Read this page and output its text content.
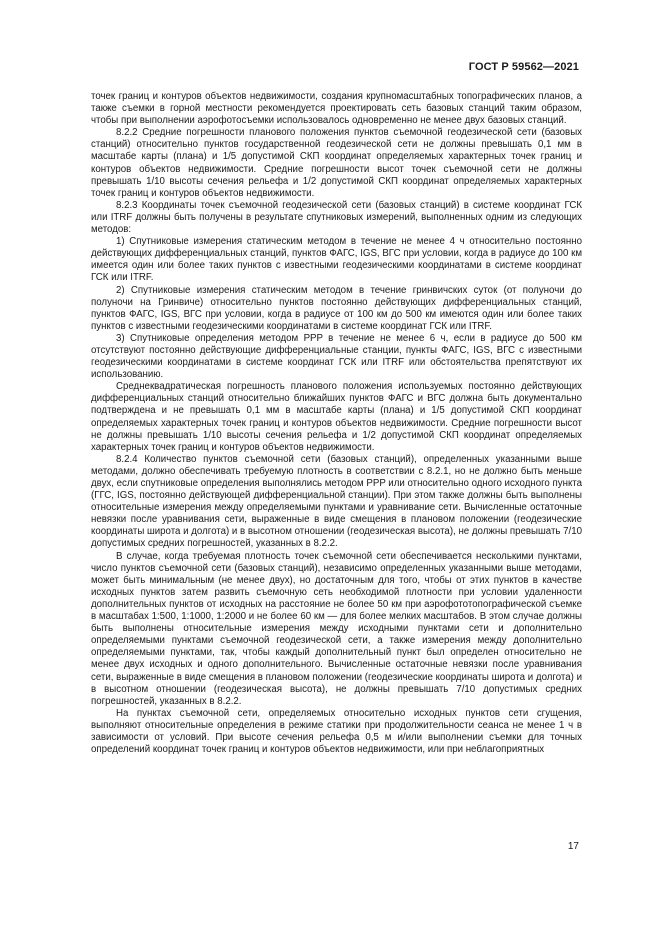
ГОСТ Р 59562—2021

точек границ и контуров объектов недвижимости, создания крупномасштабных топографических планов, а также съемки в горной местности рекомендуется проектировать сеть базовых станций таким образом, чтобы при выполнении аэрофотосъемки использовалось одновременно не менее двух базовых станций.

8.2.2 Средние погрешности планового положения пунктов съемочной геодезической сети (базовых станций) относительно пунктов государственной геодезической сети не должны превышать 0,1 мм в масштабе карты (плана) и 1/5 допустимой СКП координат определяемых характерных точек границ и контуров объектов недвижимости. Средние погрешности высот точек съемочной сети не должны превышать 1/10 высоты сечения рельефа и 1/2 допустимой СКП координат определяемых характерных точек границ и контуров объектов недвижимости.

8.2.3 Координаты точек съемочной геодезической сети (базовых станций) в системе координат ГСК или ITRF должны быть получены в результате спутниковых измерений, выполненных одним из следующих методов:

1) Спутниковые измерения статическим методом в течение не менее 4 ч относительно постоянно действующих дифференциальных станций, пунктов ФАГС, IGS, ВГС при условии, когда в радиусе до 100 км имеется один или более таких пунктов с известными геодезическими координатами в системе координат ГСК или ITRF.

2) Спутниковые измерения статическим методом в течение гринвичских суток (от полуночи до полуночи на Гринвиче) относительно пунктов постоянно действующих дифференциальных станций, пунктов ФАГС, IGS, ВГС при условии, когда в радиусе от 100 км до 500 км имеются один или более таких пунктов с известными геодезическими координатами в системе координат ГСК или ITRF.

3) Спутниковые определения методом PPP в течение не менее 6 ч, если в радиусе до 500 км отсутствуют постоянно действующие дифференциальные станции, пункты ФАГС, IGS, ВГС с известными геодезическими координатами в системе координат ГСК или ITRF или обстоятельства препятствуют их использованию.

Среднеквадратическая погрешность планового положения используемых постоянно действующих дифференциальных станций относительно ближайших пунктов ФАГС и ВГС должна быть документально подтверждена и не превышать 0,1 мм в масштабе карты (плана) и 1/5 допустимой СКП координат определяемых характерных точек границ и контуров объектов недвижимости. Средние погрешности высот не должны превышать 1/10 высоты сечения рельефа и 1/2 допустимой СКП координат определяемых характерных точек границ и контуров объектов недвижимости.

8.2.4 Количество пунктов съемочной сети (базовых станций), определенных указанными выше методами, должно обеспечивать требуемую плотность в соответствии с 8.2.1, но не должно быть меньше двух, если спутниковые определения выполнялись методом PPP или относительно одного исходного пункта (ГГС, IGS, постоянно действующей дифференциальной станции). При этом также должны быть выполнены относительные измерения между определяемыми пунктами и уравнивание сети. Вычисленные остаточные невязки после уравнивания сети, выраженные в виде смещения в плановом положении (геодезические координаты широта и долгота) и в высотном отношении (геодезическая высота), не должны превышать 7/10 допустимых средних погрешностей, указанных в 8.2.2.

В случае, когда требуемая плотность точек съемочной сети обеспечивается несколькими пунктами, число пунктов съемочной сети (базовых станций), независимо определенных указанными выше методами, может быть минимальным (не менее двух), но достаточным для того, чтобы от этих пунктов в качестве исходных пунктов затем развить съемочную сеть необходимой плотности при условии удаленности дополнительных пунктов от исходных на расстояние не более 50 км при аэрофототопографической съемке в масштабах 1:500, 1:1000, 1:2000 и не более 60 км — для более мелких масштабов. В этом случае должны быть выполнены относительные измерения между исходными пунктами сети и дополнительно определяемыми пунктами съемочной геодезической сети, а также измерения между дополнительно определяемыми пунктами, так, чтобы каждый дополнительный пункт был определен относительно не менее двух исходных и одного дополнительного. Вычисленные остаточные невязки после уравнивания сети, выраженные в виде смещения в плановом положении (геодезические координаты широта и долгота) и в высотном отношении (геодезическая высота), не должны превышать 7/10 допустимых средних погрешностей, указанных в 8.2.2.

На пунктах съемочной сети, определяемых относительно исходных пунктов сети сгущения, выполняют относительные определения в режиме статики при продолжительности сеанса не менее 1 ч в зависимости от условий. При высоте сечения рельефа 0,5 м и/или выполнении съемки для точных определений координат точек границ и контуров объектов недвижимости, или при неблагоприятных

17
